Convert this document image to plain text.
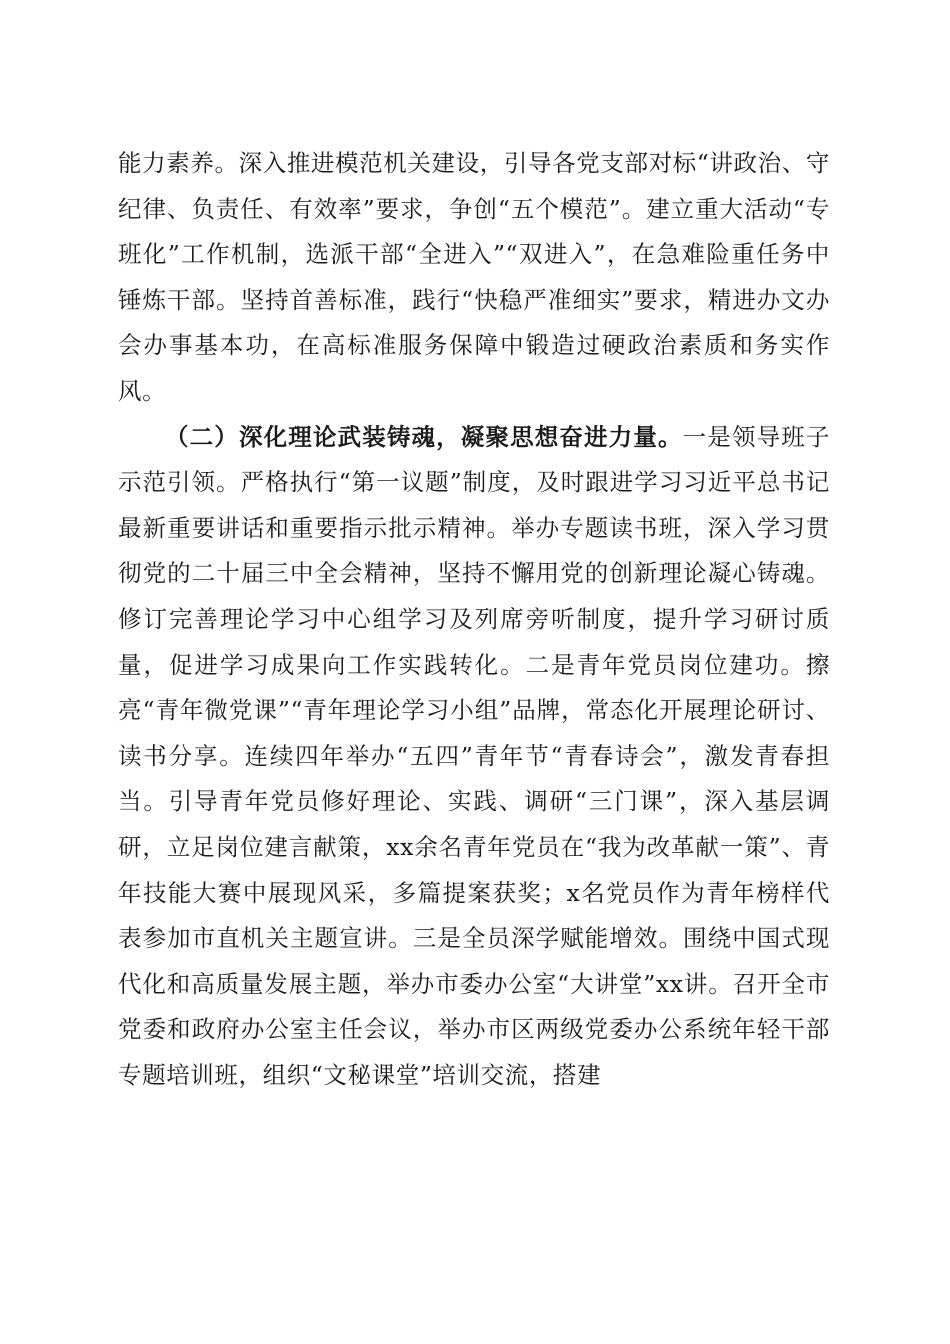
能力素养。深入推进模范机关建设，引导各党支部对标“讲政治、守纪律、负责任、有效率”要求，争创“五个模范”。建立重大活动“专班化”工作机制，选派干部“全进入”“双进入”，在急难险重任务中锤炼干部。坚持首善标准，践行“快稳严准细实”要求，精进办文办会办事基本功，在高标准服务保障中锻造过硬政治素质和务实作风。

（二）深化理论武装铸魂，凝聚思想奋进力量。一是领导班子示范引领。严格执行“第一议题”制度，及时跟进学习习近平总书记最新重要讲话和重要指示批示精神。举办专题读书班，深入学习贯彻党的二十届三中全会精神，坚持不懈用党的创新理论凝心铸魂。修订完善理论学习中心组学习及列席旁听制度，提升学习研讨质量，促进学习成果向工作实践转化。二是青年党员岗位建功。擦亮“青年微党课”“青年理论学习小组”品牌，常态化开展理论研讨、读书分享。连续四年举办“五四”青年节“青春诗会”，激发青春担当。引导青年党员修好理论、实践、调研“三门课”，深入基层调研，立足岗位建言献策，xx余名青年党员在“我为改革献一策”、青年技能大赛中展现风采，多篇提案获奖；x名党员作为青年榜样代表参加市直机关主题宣讲。三是全员深学赋能增效。围绕中国式现代化和高质量发展主题，举办市委办公室“大讲堂”xx讲。召开全市党委和政府办公室主任会议，举办市区两级党委办公系统年轻干部专题培训班，组织“文秘课堂”培训交流，搭建
